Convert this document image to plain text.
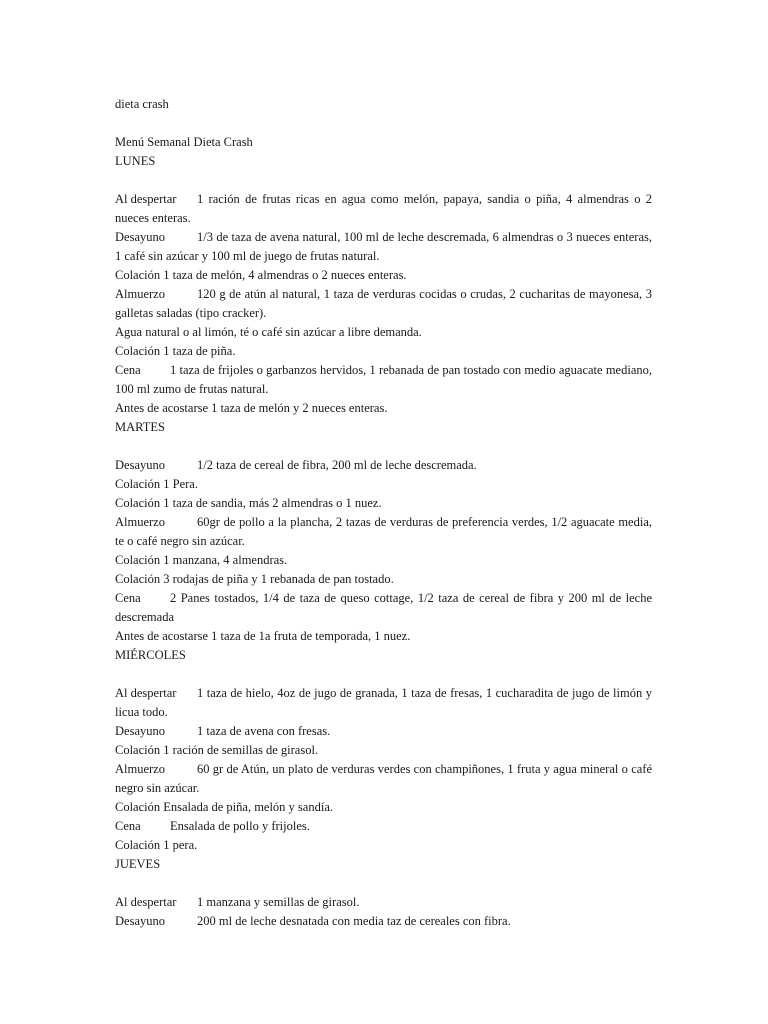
dieta crash

Menú Semanal Dieta Crash

LUNES

Al despertar 1 ración de frutas ricas en agua como melón, papaya, sandia o piña, 4 almendras o 2 nueces enteras.

Desayuno	1/3 de taza de avena natural, 100 ml de leche descremada, 6 almendras o 3 nueces enteras, 1 café sin azúcar y 100 ml de juego de frutas natural.

Colación 1 taza de melón, 4 almendras o 2 nueces enteras.

Almuerzo	120 g de atún al natural, 1 taza de verduras cocidas o crudas, 2 cucharitas de mayonesa, 3 galletas saladas (tipo cracker).

Agua natural o al limón, té o café sin azúcar a libre demanda.

Colación 1 taza de piña.

Cena 1 taza de frijoles o garbanzos hervidos, 1 rebanada de pan tostado con medio aguacate mediano, 100 ml zumo de frutas natural.

Antes de acostarse 1 taza de melón y 2 nueces enteras.

MARTES

Desayuno	1/2 taza de cereal de fibra, 200 ml de leche descremada.

Colación 1 Pera.

Colación 1 taza de sandia, más 2 almendras o 1 nuez.

Almuerzo	60gr de pollo a la plancha, 2 tazas de verduras de preferencia verdes, 1/2 aguacate media, te o café negro sin azúcar.

Colación 1 manzana, 4 almendras.

Colación 3 rodajas de piña y 1 rebanada de pan tostado.

Cena 2 Panes tostados, 1/4 de taza de queso cottage, 1/2 taza de cereal de fibra y 200 ml de leche descremada

Antes de acostarse 1 taza de 1a fruta de temporada, 1 nuez.

MIÉRCOLES

Al despertar 1 taza de hielo, 4oz de jugo de granada, 1 taza de fresas, 1 cucharadita de jugo de limón y licua todo.

Desayuno	1 taza de avena con fresas.

Colación 1 ración de semillas de girasol.

Almuerzo	60 gr de Atún, un plato de verduras verdes con champiñones, 1 fruta y agua mineral o café negro sin azúcar.

Colación Ensalada de piña, melón y sandía.

Cena Ensalada de pollo y frijoles.

Colación 1 pera.

JUEVES

Al despertar 1 manzana y semillas de girasol.

Desayuno	200 ml de leche desnatada con media taz de cereales con fibra.
